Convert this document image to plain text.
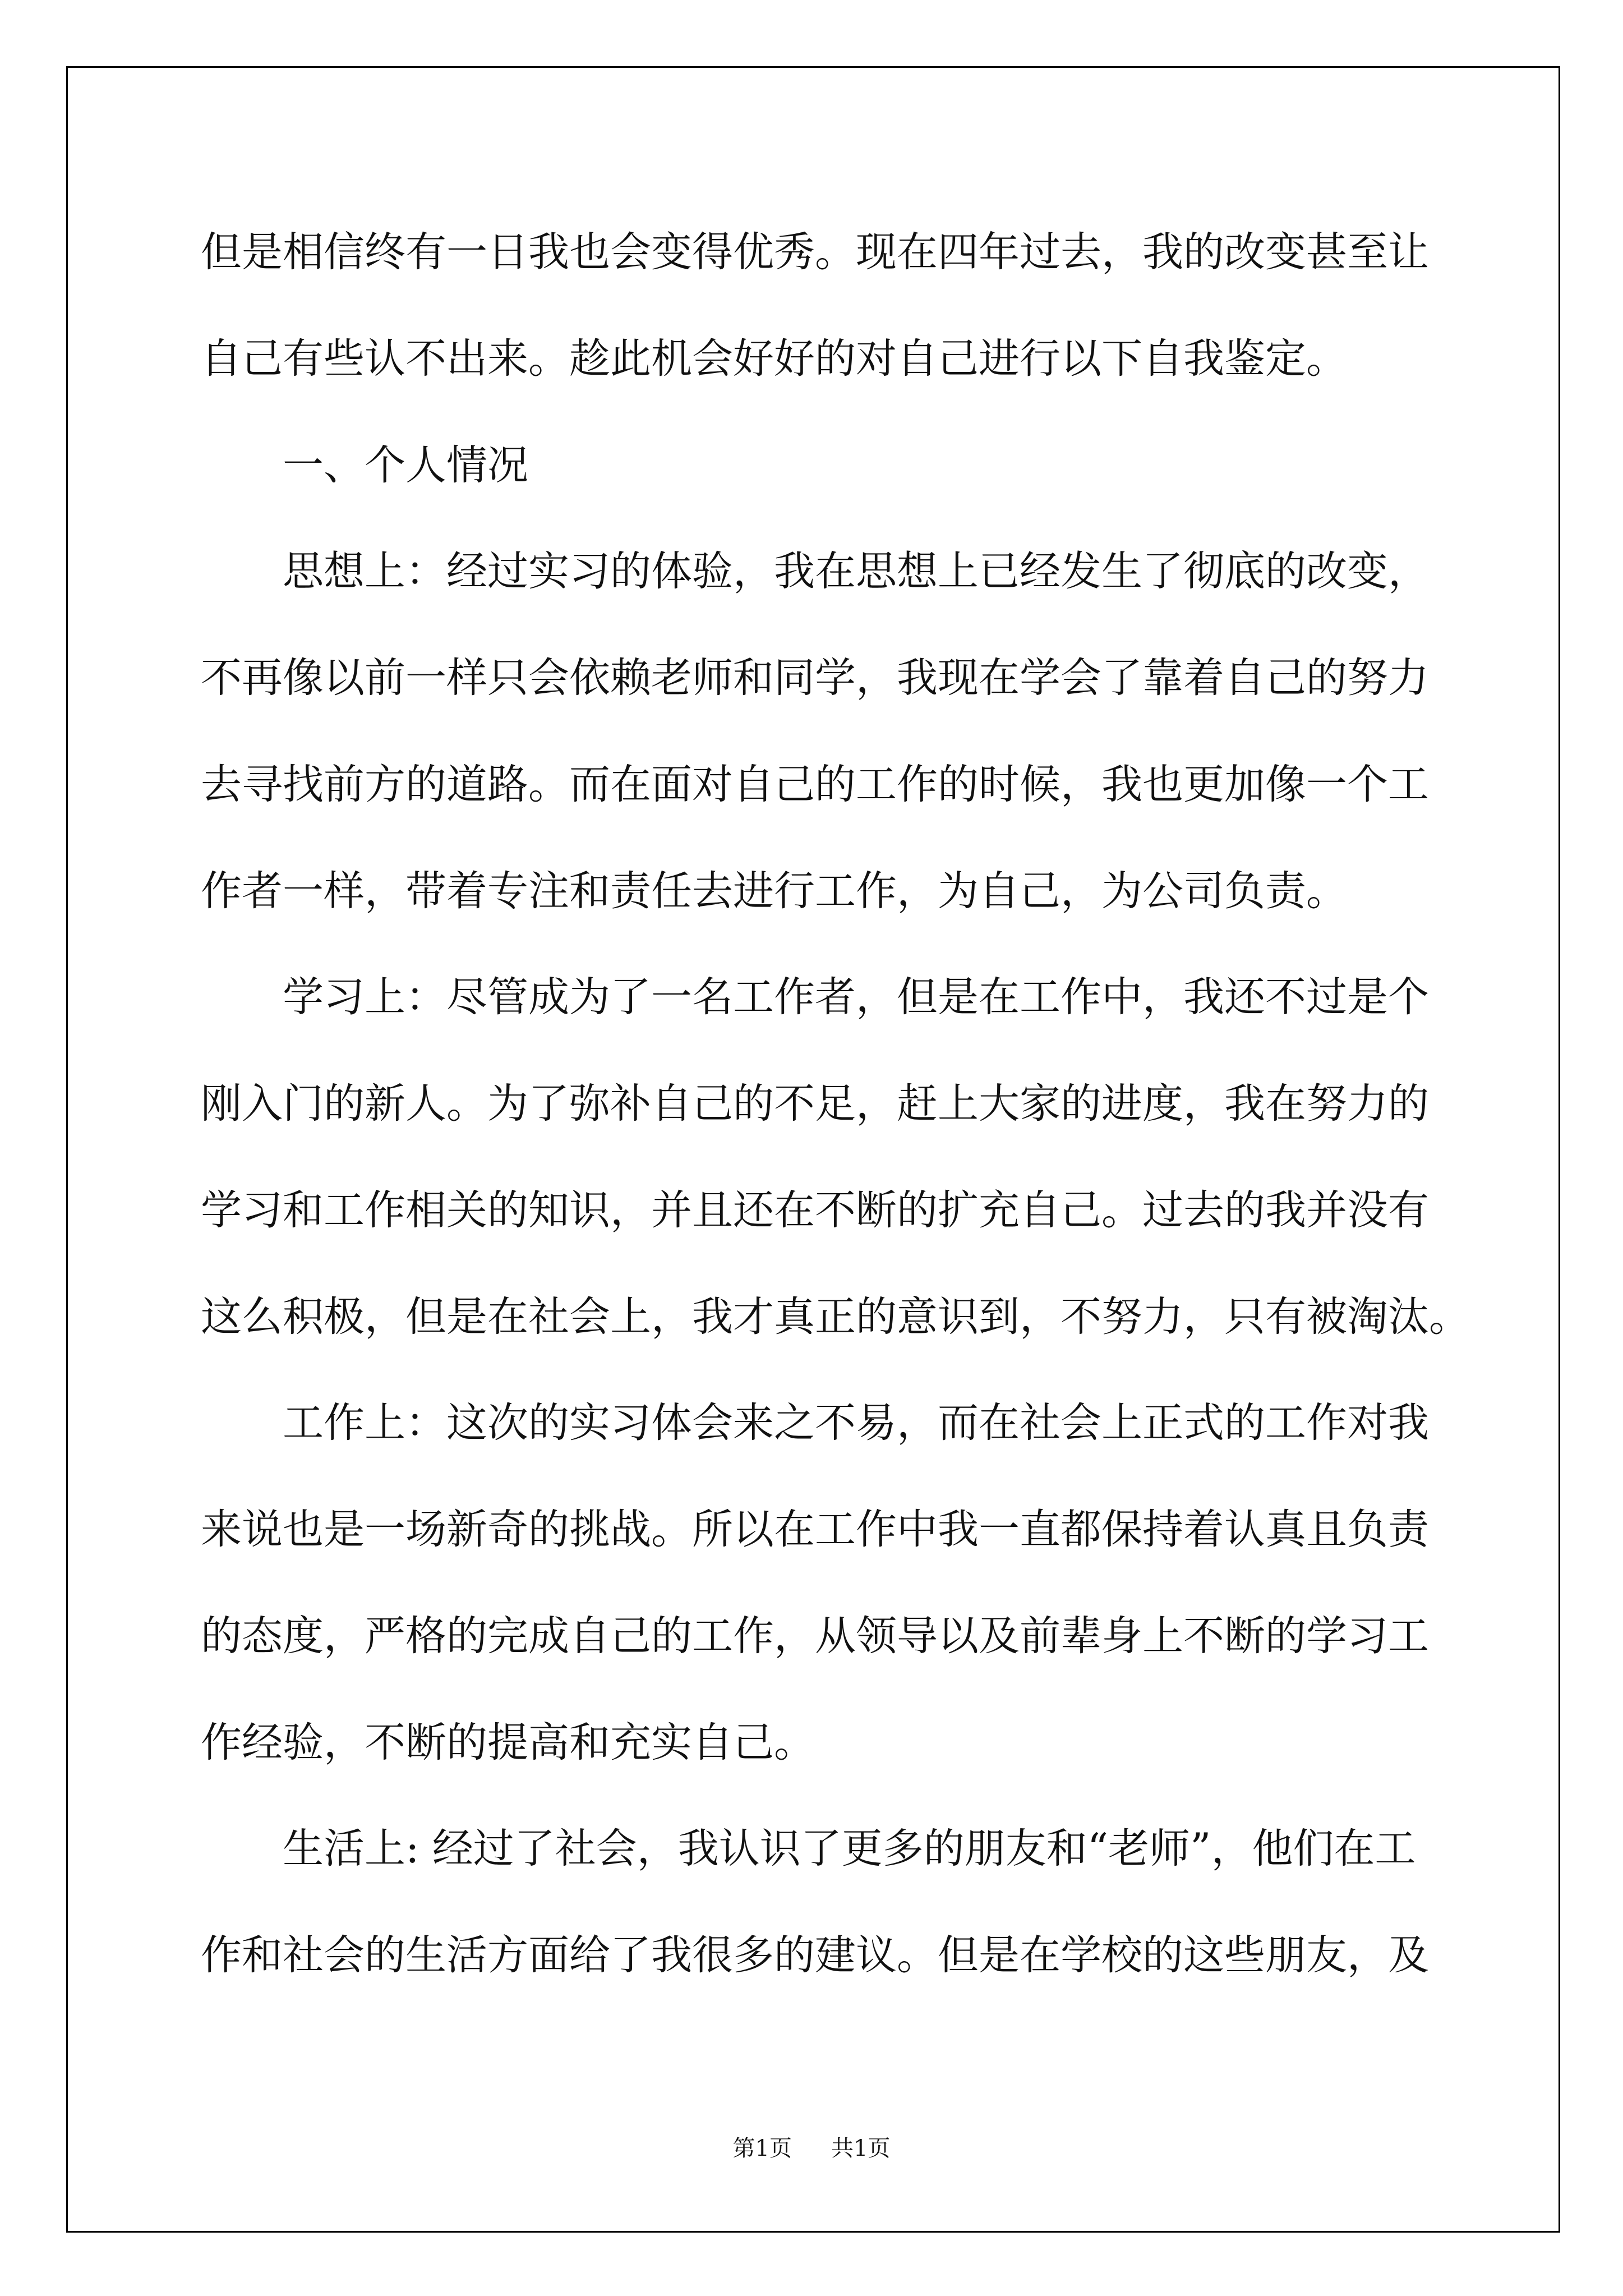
但是相信终有一日我也会变得优秀。现在四年过去，我的改变甚至让
自己有些认不出来。趁此机会好好的对自己进行以下自我鉴定。
一、个人情况
思想上：经过实习的体验，我在思想上已经发生了彻底的改变，
不再像以前一样只会依赖老师和同学，我现在学会了靠着自己的努力
去寻找前方的道路。而在面对自己的工作的时候，我也更加像一个工
作者一样，带着专注和责任去进行工作，为自己，为公司负责。
学习上：尽管成为了一名工作者，但是在工作中，我还不过是个
刚入门的新人。为了弥补自己的不足，赶上大家的进度，我在努力的
学习和工作相关的知识，并且还在不断的扩充自己。过去的我并没有
这么积极，但是在社会上，我才真正的意识到，不努力，只有被淘汰。
工作上：这次的实习体会来之不易，而在社会上正式的工作对我
来说也是一场新奇的挑战。所以在工作中我一直都保持着认真且负责
的态度，严格的完成自己的工作，从领导以及前辈身上不断的学习工
作经验，不断的提高和充实自己。
生活上: 经过了社会，我认识了更多的朋友和“老师”，他们在工
作和社会的生活方面给了我很多的建议。但是在学校的这些朋友，及
第1页 共1页
